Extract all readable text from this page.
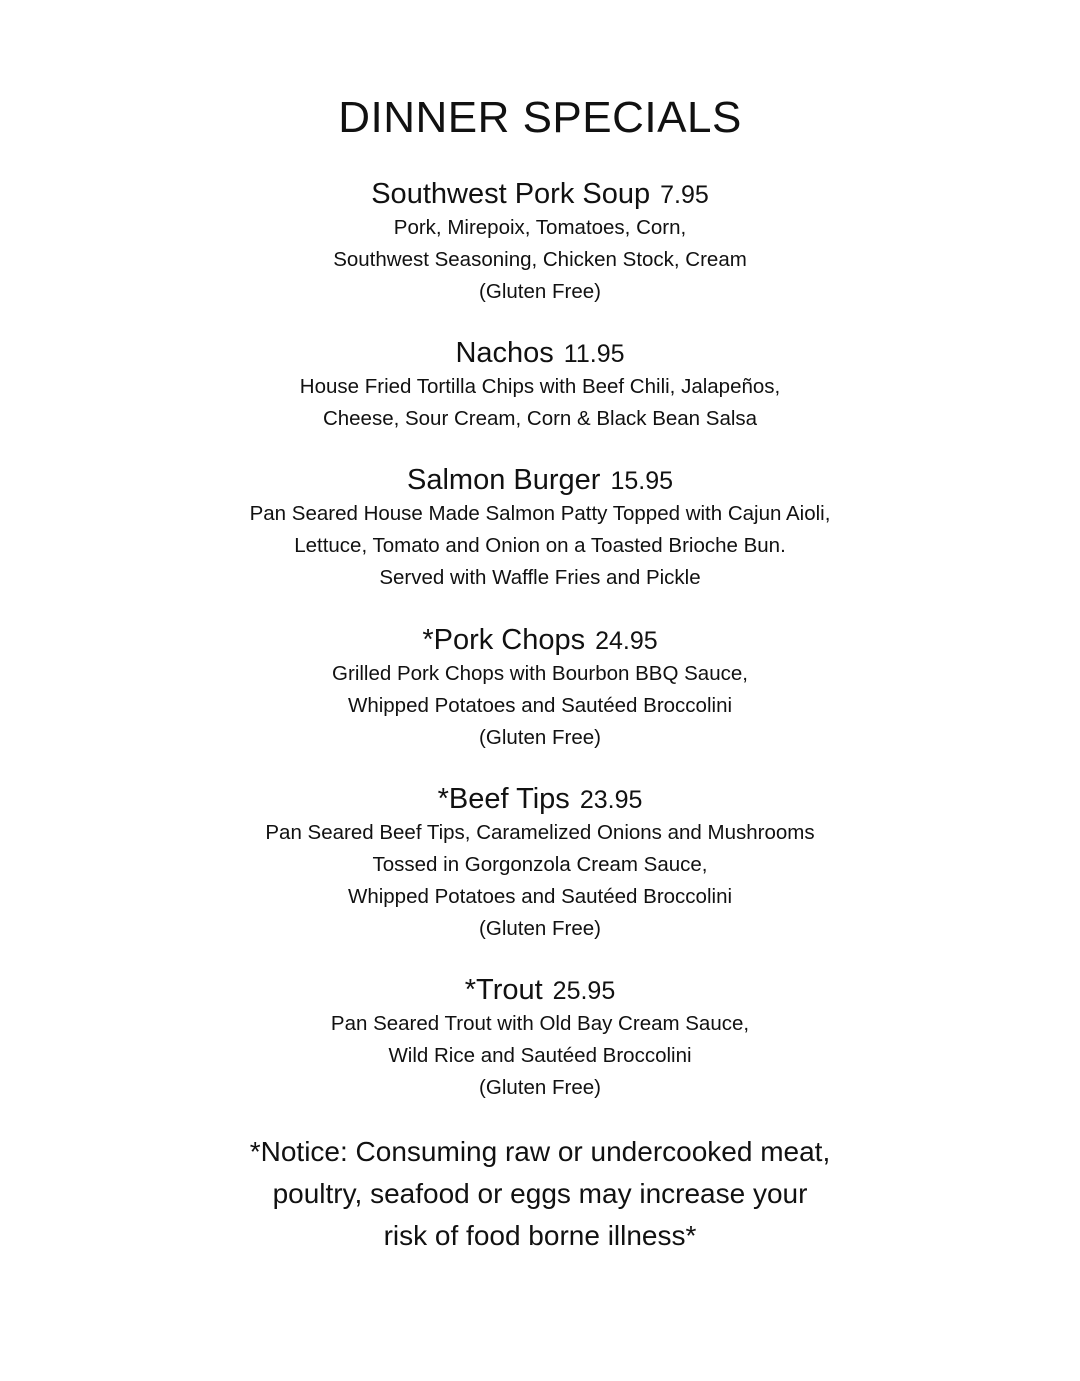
DINNER SPECIALS
Southwest Pork Soup 7.95
Pork, Mirepoix, Tomatoes, Corn,
Southwest Seasoning, Chicken Stock, Cream
(Gluten Free)
Nachos 11.95
House Fried Tortilla Chips with Beef Chili, Jalapeños,
Cheese, Sour Cream, Corn & Black Bean Salsa
Salmon Burger 15.95
Pan Seared House Made Salmon Patty Topped with Cajun Aioli,
Lettuce, Tomato and Onion on a Toasted Brioche Bun.
Served with Waffle Fries and Pickle
*Pork Chops 24.95
Grilled Pork Chops with Bourbon BBQ Sauce,
Whipped Potatoes and Sautéed Broccolini
(Gluten Free)
*Beef Tips 23.95
Pan Seared Beef Tips, Caramelized Onions and Mushrooms
Tossed in Gorgonzola Cream Sauce,
Whipped Potatoes and Sautéed Broccolini
(Gluten Free)
*Trout 25.95
Pan Seared Trout with Old Bay Cream Sauce,
Wild Rice and Sautéed Broccolini
(Gluten Free)
*Notice: Consuming raw or undercooked meat,
poultry, seafood or eggs may increase your
risk of food borne illness*
